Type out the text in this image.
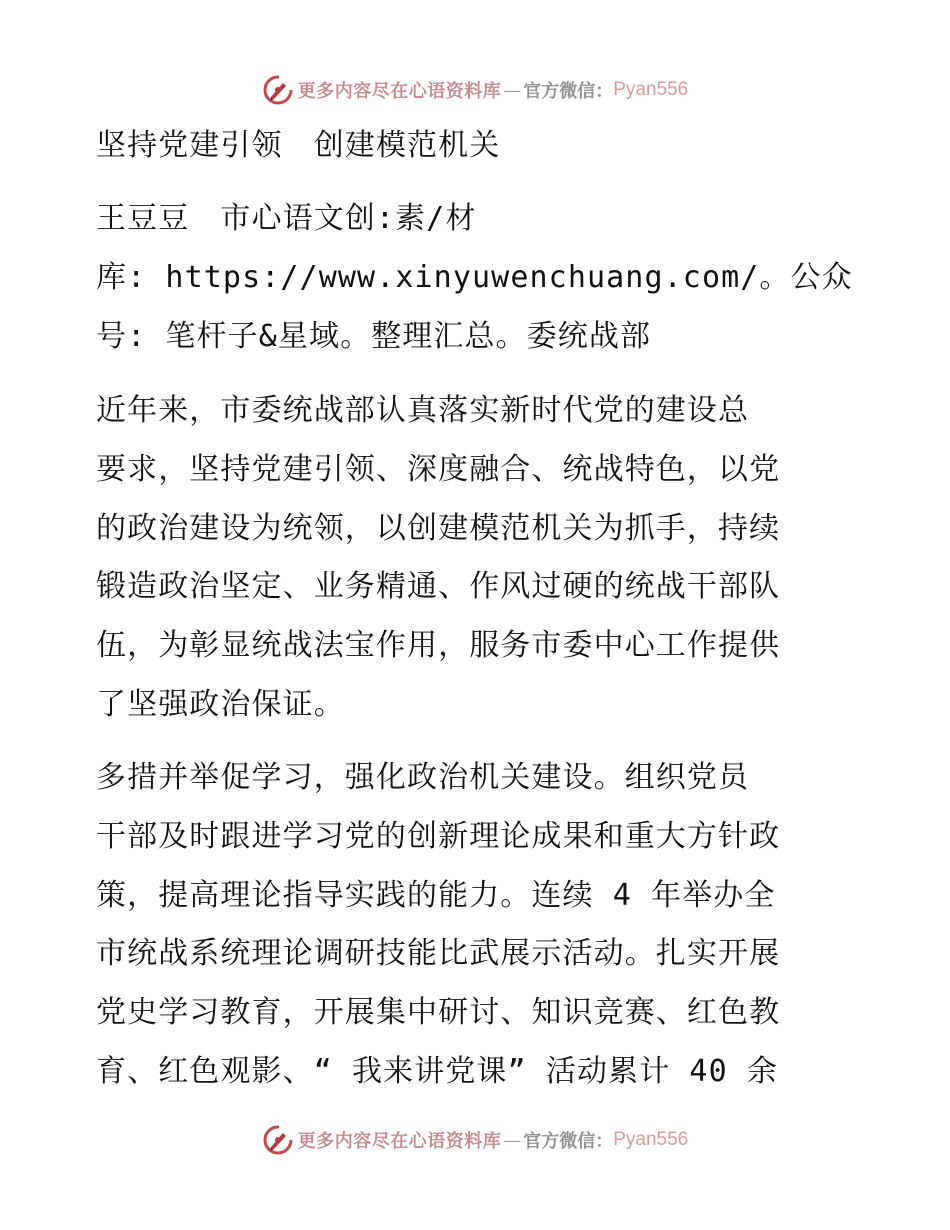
更多内容尽在心语资料库 — 官方微信： Pyan556
坚持党建引领　创建模范机关
王豆豆　市心语文创:素/材
库: https://www.xinyuwenchuang.com/。公众
号: 笔杆子&星域。整理汇总。委统战部
近年来，市委统战部认真落实新时代党的建设总
要求，坚持党建引领、深度融合、统战特色，以党
的政治建设为统领，以创建模范机关为抓手，持续
锻造政治坚定、业务精通、作风过硬的统战干部队
伍，为彰显统战法宝作用，服务市委中心工作提供
了坚强政治保证。
多措并举促学习，强化政治机关建设。组织党员
干部及时跟进学习党的创新理论成果和重大方针政
策，提高理论指导实践的能力。连续 4 年举办全
市统战系统理论调研技能比武展示活动。扎实开展
党史学习教育，开展集中研讨、知识竞赛、红色教
育、红色观影、“ 我来讲党课” 活动累计 40 余
更多内容尽在心语资料库 — 官方微信： Pyan556
